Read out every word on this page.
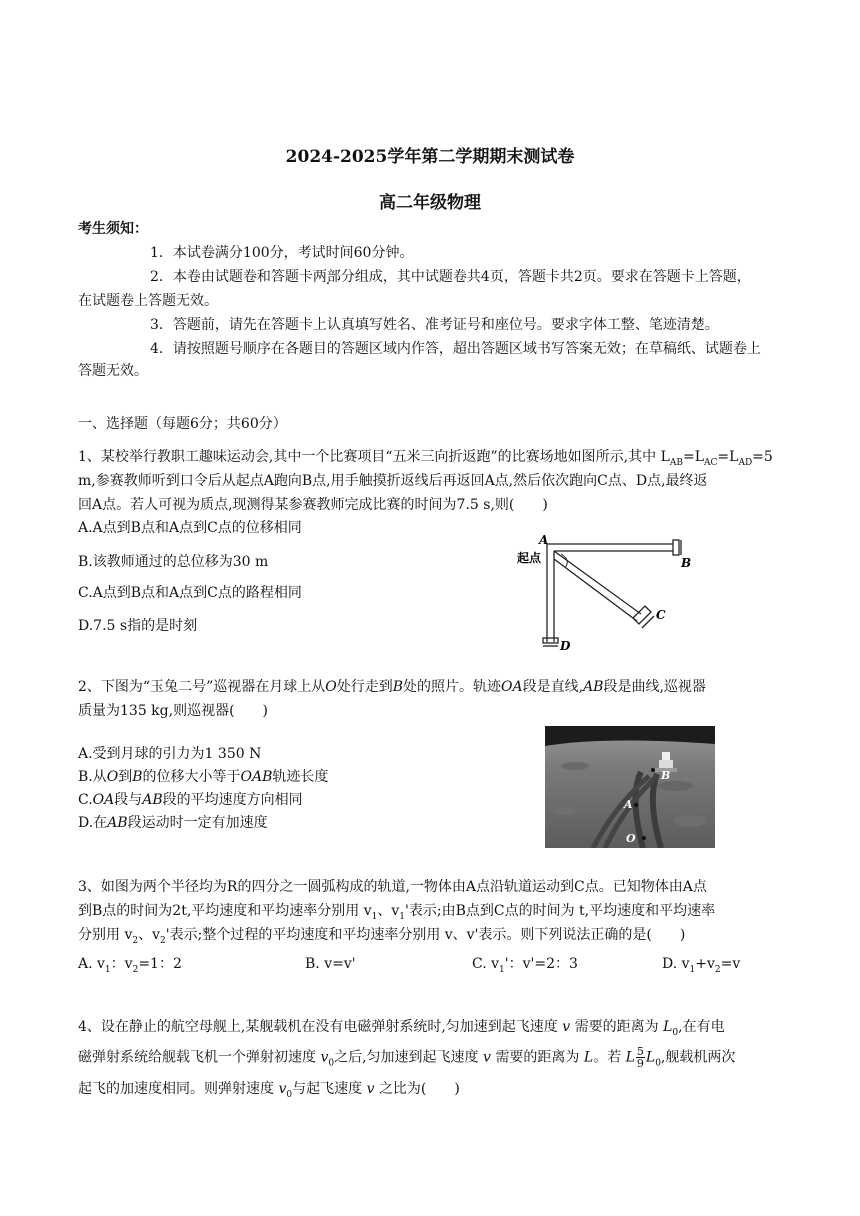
2024-2025学年第二学期期末测试卷
高二年级物理
考生须知：
1．本试卷满分100分，考试时间60分钟。
2．本卷由试题卷和答题卡两部分组成，其中试题卷共4页，答题卡共2页。要求在答题卡上答题，
在试题卷上答题无效。
3．答题前，请先在答题卡上认真填写姓名、准考证号和座位号。要求字体工整、笔迹清楚。
4．请按照题号顺序在各题目的答题区域内作答，超出答题区域书写答案无效；在草稿纸、试题卷上
答题无效。
一、选择题（每题6分；共60分）
1、某校举行教职工趣味运动会,其中一个比赛项目“五米三向折返跑”的比赛场地如图所示,其中 $L_{AB}=L_{AC}=L_{AD}=5$
m,参赛教师听到口令后从起点A跑向B点,用手触摸折返线后再返回A点,然后依次跑向C点、D点,最终返
回A点。若人可视为质点,现测得某参赛教师完成比赛的时间为7.5 s,则(　　)
A.A点到B点和A点到C点的位移相同
B.该教师通过的总位移为30 m
C.A点到B点和A点到C点的路程相同
D.7.5 s指的是时刻
A
起点	B
C
D
2、下图为“玉兔二号”巡视器在月球上从O处行走到B处的照片。轨迹OA段是直线,AB段是曲线,巡视器
质量为135 kg,则巡视器(　　)
A.受到月球的引力为1 350 N
B.从O到B的位移大小等于OAB轨迹长度
C.OA段与AB段的平均速度方向相同
D.在AB段运动时一定有加速度
B
A
O
3、如图为两个半径均为R的四分之一圆弧构成的轨道,一物体由A点沿轨道运动到C点。已知物体由A点
到B点的时间为2t,平均速度和平均速率分别用 $v_1$、$v_1'$表示;由B点到C点的时间为 t,平均速度和平均速率
分别用 $v_2$、$v_2'$表示;整个过程的平均速度和平均速率分别用 v、v'表示。则下列说法正确的是(　　)
A. $v_1$：$v_2=1$：2	B. v=v'	C. $v_1'$：v'=2：3	D. $v_1+v_2=v$
4、设在静止的航空母舰上,某舰载机在没有电磁弹射系统时,匀加速到起飞速度 v 需要的距离为 $L_0$,在有电
磁弹射系统给舰载飞机一个弹射初速度 $v_0$之后,匀加速到起飞速度 v 需要的距离为 L。若 L $\frac{5}{9} L_0$,舰载机两次
起飞的加速度相同。则弹射速度 $v_0$与起飞速度 v 之比为(　　)
